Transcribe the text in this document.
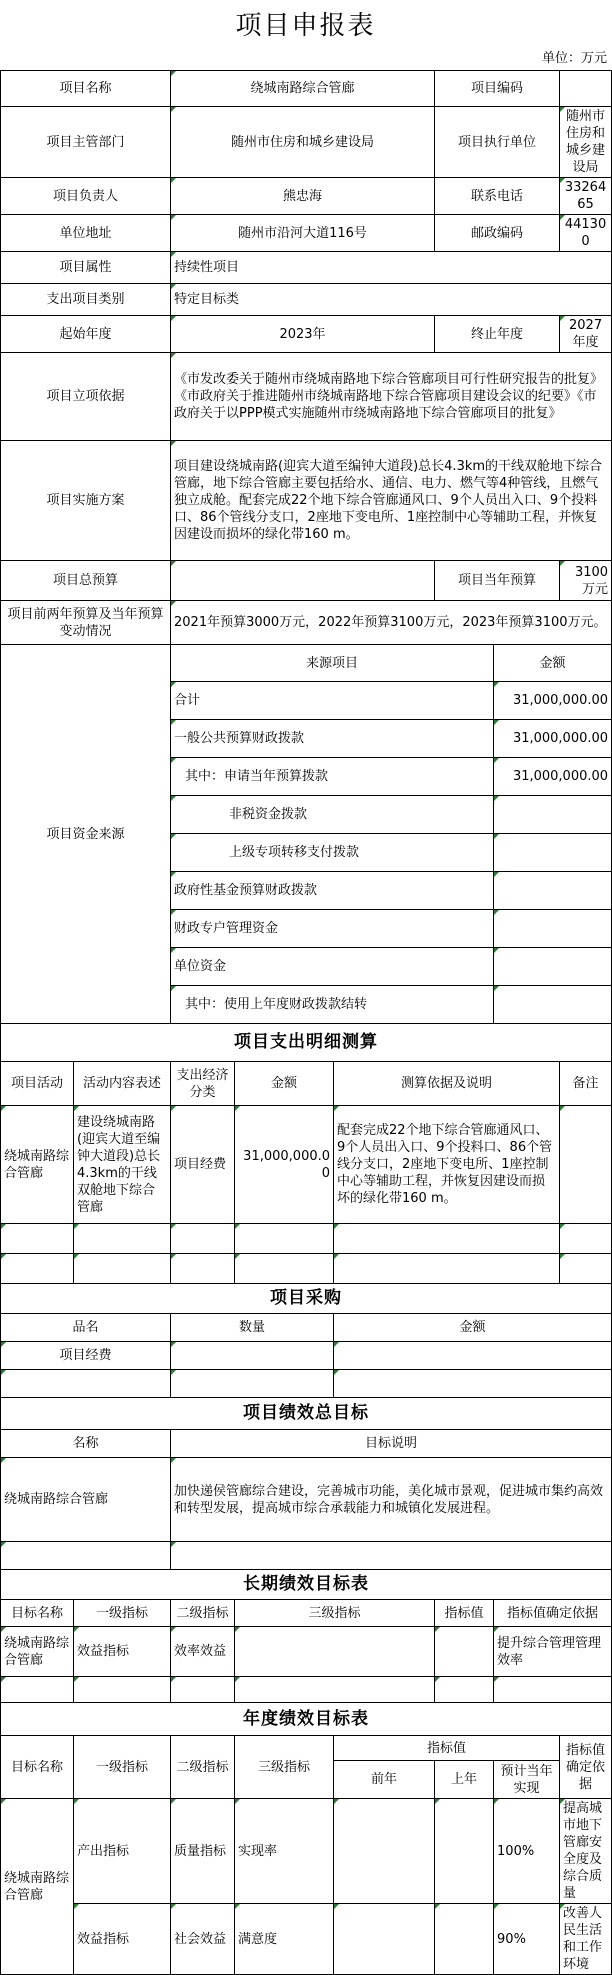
项目申报表
单位：万元
项目名称		绕城南路综合管廊			项目编码		
项目主管部门		随州市住房和城乡建设局			项目执行单位		随州市住房和城乡建设局
项目负责人		熊忠海			联系电话		3326465
单位地址		随州市沿河大道116号			邮政编码		441300
项目属性		持续性项目					
支出项目类别		特定目标类					
起始年度		2023年			终止年度		2027年度
项目立项依据		《市发改委关于随州市绕城南路地下综合管廊项目可行性研究报告的批复》《市政府关于推进随州市绕城南路地下综合管廊项目建设会议的纪要》《市政府关于以PPP模式实施随州市绕城南路地下综合管廊项目的批复》					
项目实施方案		项目建设绕城南路(迎宾大道至编钟大道段)总长4.3km的干线双舱地下综合管廊，地下综合管廊主要包括给水、通信、电力、燃气等4种管线，且燃气独立成舱。配套完成22个地下综合管廊通风口、9个人员出入口、9个投料口、86个管线分支口，2座地下变电所、1座控制中心等辅助工程，并恢复因建设而损坏的绿化带160 m。					
项目总预算					项目当年预算		3100万元
项目前两年预算及当年预算变动情况		2021年预算3000万元，2022年预算3100万元，2023年预算3100万元。					
项目资金来源		来源项目				金额	
		合计				31,000,000.00	
		一般公共预算财政拨款				31,000,000.00	
		其中：申请当年预算拨款				31,000,000.00	
		非税资金拨款					
		上级专项转移支付拨款					
		政府性基金预算财政拨款					
		财政专户管理资金					
		单位资金					
		其中：使用上年度财政拨款结转					
项目支出明细测算							
项目活动	活动内容表述	支出经济分类	金额	测算依据及说明			备注
绕城南路综合管廊	建设绕城南路(迎宾大道至编钟大道段)总长4.3km的干线双舱地下综合管廊	项目经费	31,000,000.00	配套完成22个地下综合管廊通风口、9个人员出入口、9个投料口、86个管线分支口，2座地下变电所、1座控制中心等辅助工程，并恢复因建设而损坏的绿化带160 m。			

项目采购							
品名		数量		金额			
项目经费							

项目绩效总目标							
名称		目标说明					
绕城南路综合管廊		加快递侯管廊综合建设，完善城市功能，美化城市景观，促进城市集约高效和转型发展，提高城市综合承载能力和城镇化发展进程。					

长期绩效目标表							
目标名称	一级指标	二级指标	三级指标		指标值	指标值确定依据	
绕城南路综合管廊	效益指标	效率效益				提升综合管理管理效率	

年度绩效目标表							
目标名称	一级指标	二级指标	三级指标	指标值			指标值确定依据
				前年	上年	预计当年实现	
绕城南路综合管廊	产出指标	质量指标	实现率			100%	提高城市地下管廊安全度及综合质量
	效益指标	社会效益	满意度			90%	改善人民生活和工作环境
